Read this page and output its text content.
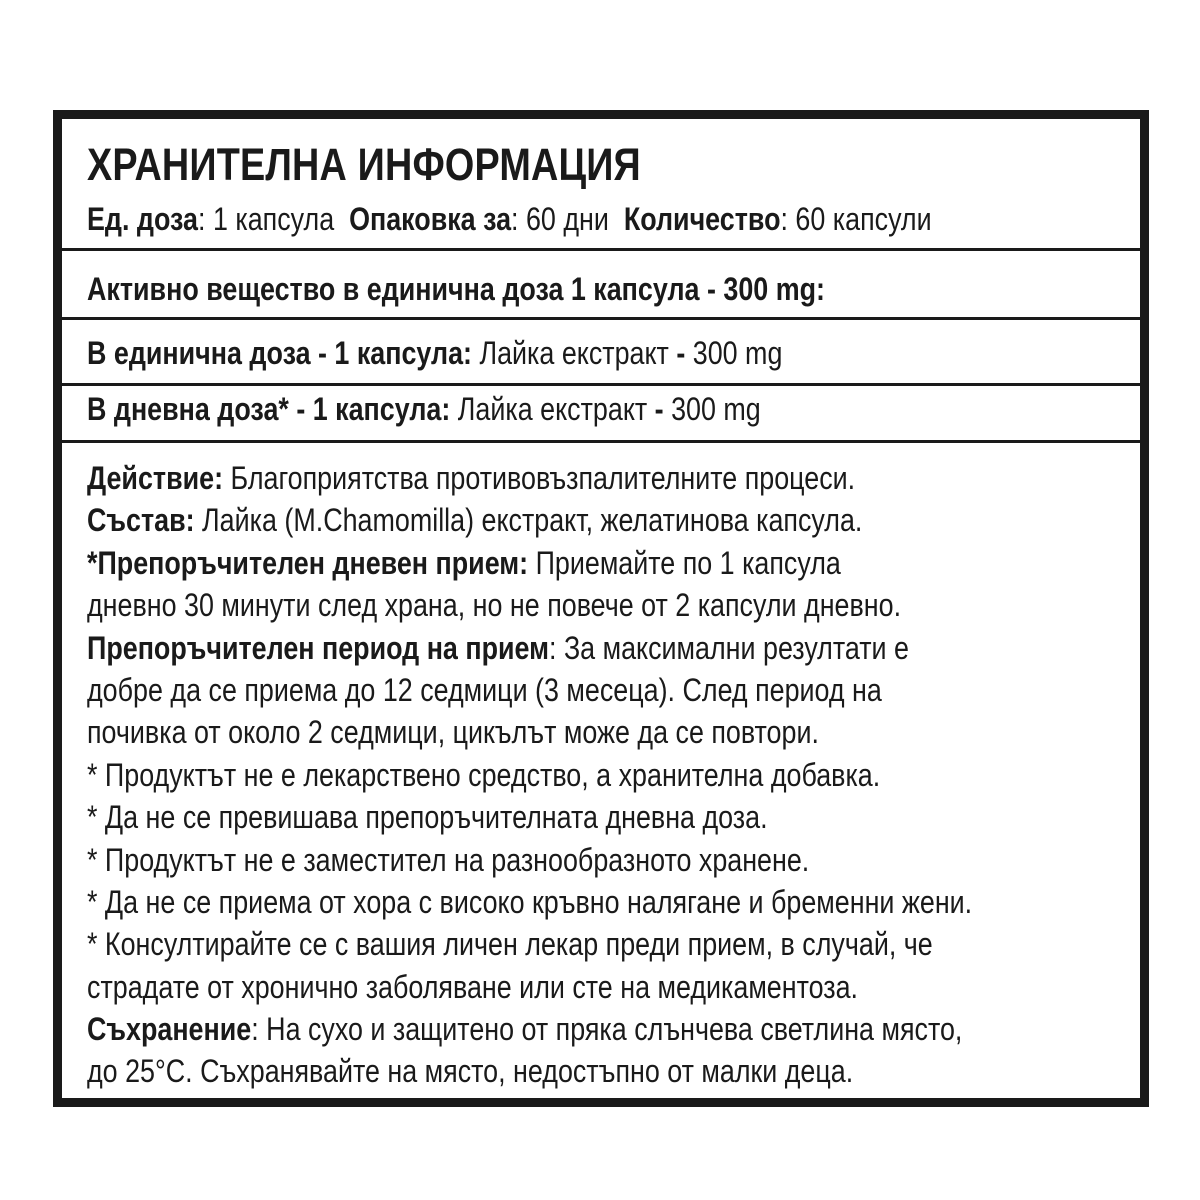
ХРАНИТЕЛНА ИНФОРМАЦИЯ
Ед. доза: 1 капсула Опаковка за: 60 дни Количество: 60 капсули
Активно вещество в единична доза 1 капсула - 300 mg:
В единична доза - 1 капсула: Лайка екстракт - 300 mg
В дневна доза* - 1 капсула: Лайка екстракт - 300 mg
Действие: Благоприятства противовъзпалителните процеси.
Състав: Лайка (M.Chamomilla) екстракт, желатинова капсула.
*Препоръчителен дневен прием: Приемайте по 1 капсула
дневно 30 минути след храна, но не повече от 2 капсули дневно.
Препоръчителен период на прием: За максимални резултати е
добре да се приема до 12 седмици (3 месеца). След период на
почивка от около 2 седмици, цикълът може да се повтори.
* Продуктът не е лекарствено средство, а хранителна добавка.
* Да не се превишава препоръчителната дневна доза.
* Продуктът не е заместител на разнообразното хранене.
* Да не се приема от хора с високо кръвно налягане и бременни жени.
* Консултирайте се с вашия личен лекар преди прием, в случай, че
страдате от хронично заболяване или сте на медикаментоза.
Съхранение: На сухо и защитено от пряка слънчева светлина място,
до 25°C. Съхранявайте на място, недостъпно от малки деца.
